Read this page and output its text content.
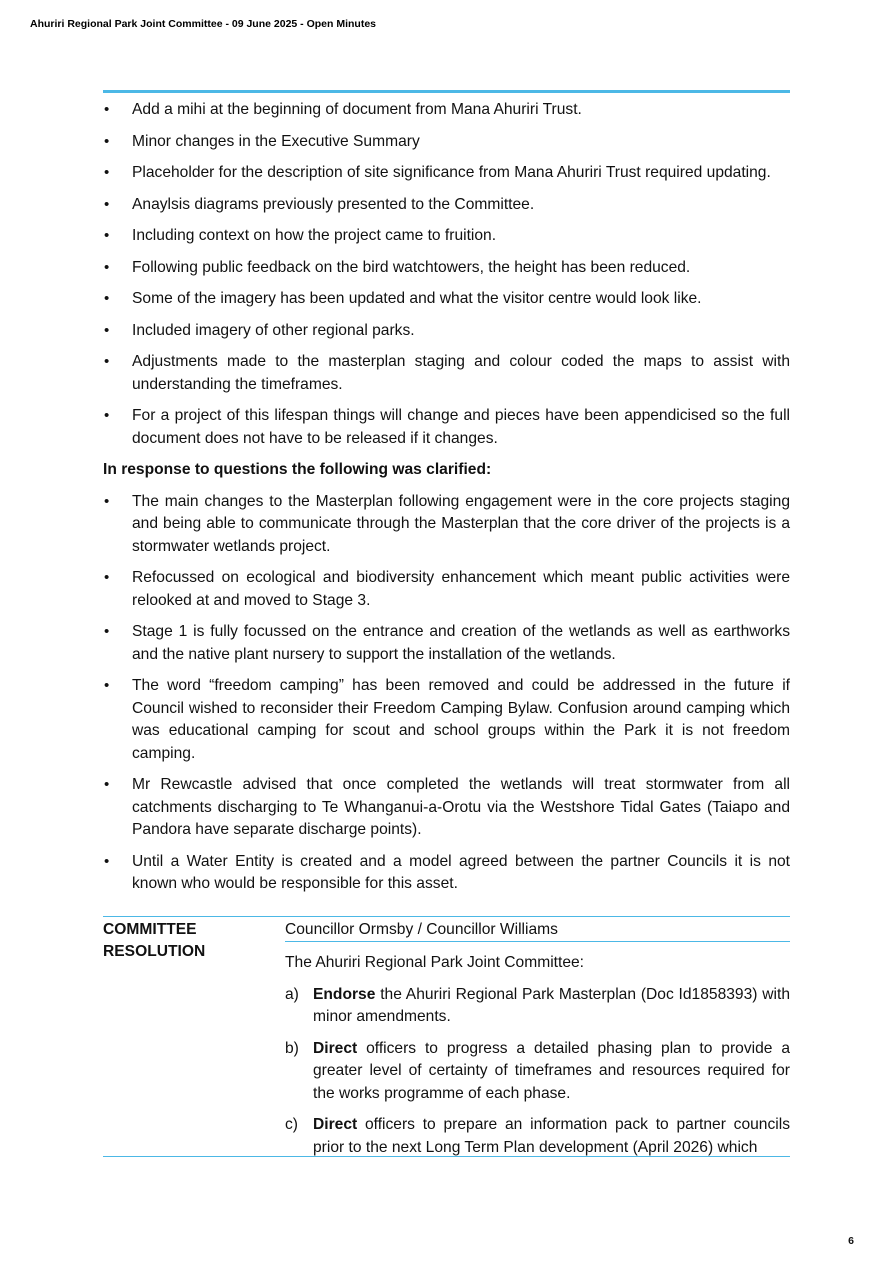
Ahuriri Regional Park Joint Committee - 09 June 2025 - Open Minutes
• Add a mihi at the beginning of document from Mana Ahuriri Trust.
• Minor changes in the Executive Summary
• Placeholder for the description of site significance from Mana Ahuriri Trust required updating.
• Anaylsis diagrams previously presented to the Committee.
• Including context on how the project came to fruition.
• Following public feedback on the bird watchtowers, the height has been reduced.
• Some of the imagery has been updated and what the visitor centre would look like.
• Included imagery of other regional parks.
• Adjustments made to the masterplan staging and colour coded the maps to assist with understanding the timeframes.
• For a project of this lifespan things will change and pieces have been appendicised so the full document does not have to be released if it changes.
In response to questions the following was clarified:
• The main changes to the Masterplan following engagement were in the core projects staging and being able to communicate through the Masterplan that the core driver of the projects is a stormwater wetlands project.
• Refocussed on ecological and biodiversity enhancement which meant public activities were relooked at and moved to Stage 3.
• Stage 1 is fully focussed on the entrance and creation of the wetlands as well as earthworks and the native plant nursery to support the installation of the wetlands.
• The word “freedom camping” has been removed and could be addressed in the future if Council wished to reconsider their Freedom Camping Bylaw. Confusion around camping which was educational camping for scout and school groups within the Park it is not freedom camping.
• Mr Rewcastle advised that once completed the wetlands will treat stormwater from all catchments discharging to Te Whanganui-a-Orotu via the Westshore Tidal Gates (Taiapo and Pandora have separate discharge points).
• Until a Water Entity is created and a model agreed between the partner Councils it is not known who would be responsible for this asset.
COMMITTEE
RESOLUTION
Councillor Ormsby / Councillor Williams
The Ahuriri Regional Park Joint Committee:
a) Endorse the Ahuriri Regional Park Masterplan (Doc Id1858393) with minor amendments.
b) Direct officers to progress a detailed phasing plan to provide a greater level of certainty of timeframes and resources required for the works programme of each phase.
c) Direct officers to prepare an information pack to partner councils prior to the next Long Term Plan development (April 2026) which
6
